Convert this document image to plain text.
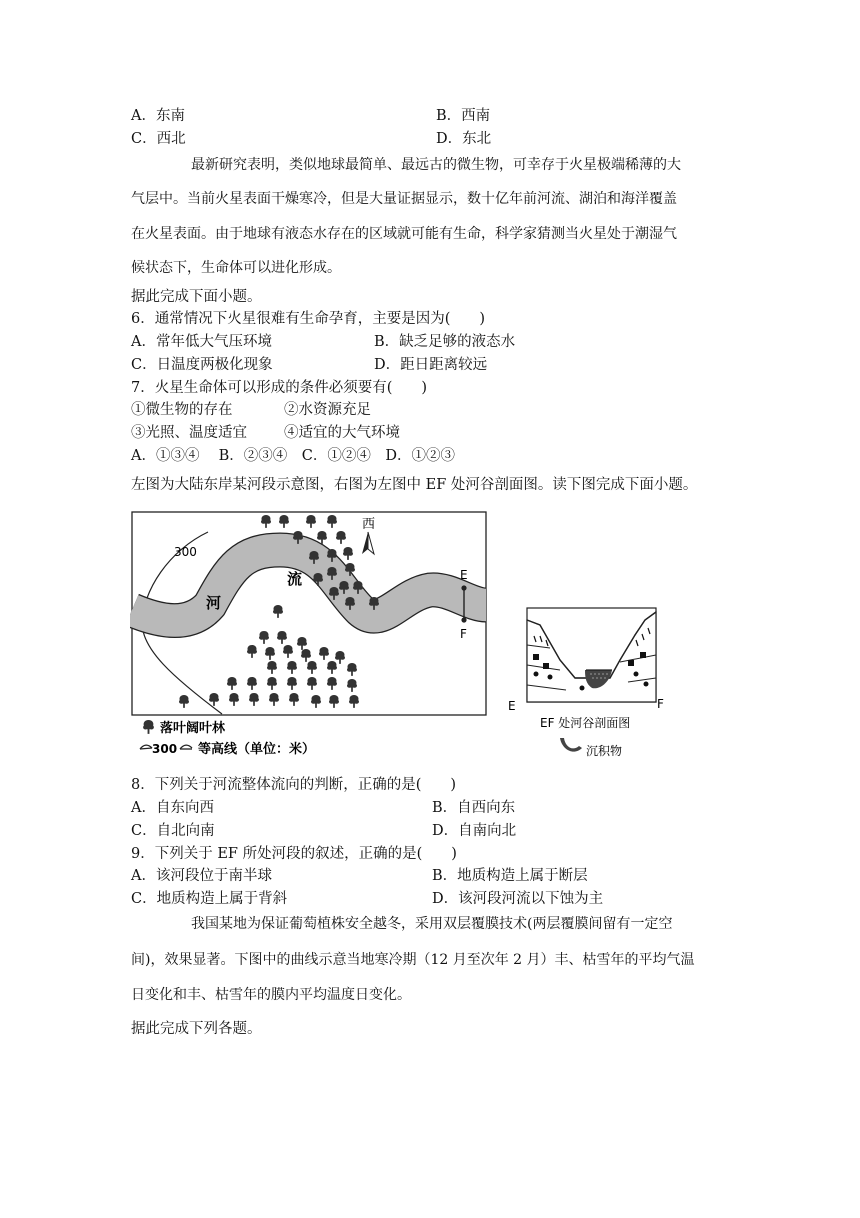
A．东南	B．西南
C．西北	D．东北
最新研究表明，类似地球最简单、最远古的微生物，可幸存于火星极端稀薄的大
气层中。当前火星表面干燥寒冷，但是大量证据显示，数十亿年前河流、湖泊和海洋覆盖
在火星表面。由于地球有液态水存在的区域就可能有生命，科学家猜测当火星处于潮湿气
候状态下，生命体可以进化形成。
据此完成下面小题。
6．通常情况下火星很难有生命孕育，主要是因为(　　)
A．常年低大气压环境	B．缺乏足够的液态水
C．日温度两极化现象	D．距日距离较远
7．火星生命体可以形成的条件必须要有(　　)
①微生物的存在	②水资源充足
③光照、温度适宜	④适宜的大气环境
A．①③④　 B．②③④　C．①②④　D．①②③
左图为大陆东岸某河段示意图，右图为左图中 EF 处河谷剖面图。读下图完成下面小题。
300
河
流	E
F
西
落叶阔叶林
300 等高线（单位：米）
E	F
EF 处河谷剖面图
沉积物
8．下列关于河流整体流向的判断，正确的是(　　)
A．自东向西	B．自西向东
C．自北向南	D．自南向北
9．下列关于 EF 所处河段的叙述，正确的是(　　)
A．该河段位于南半球	B．地质构造上属于断层
C．地质构造上属于背斜	D．该河段河流以下蚀为主
我国某地为保证葡萄植株安全越冬，采用双层覆膜技术(两层覆膜间留有一定空
间)，效果显著。下图中的曲线示意当地寒冷期（12 月至次年 2 月）丰、枯雪年的平均气温
日变化和丰、枯雪年的膜内平均温度日变化。
据此完成下列各题。
